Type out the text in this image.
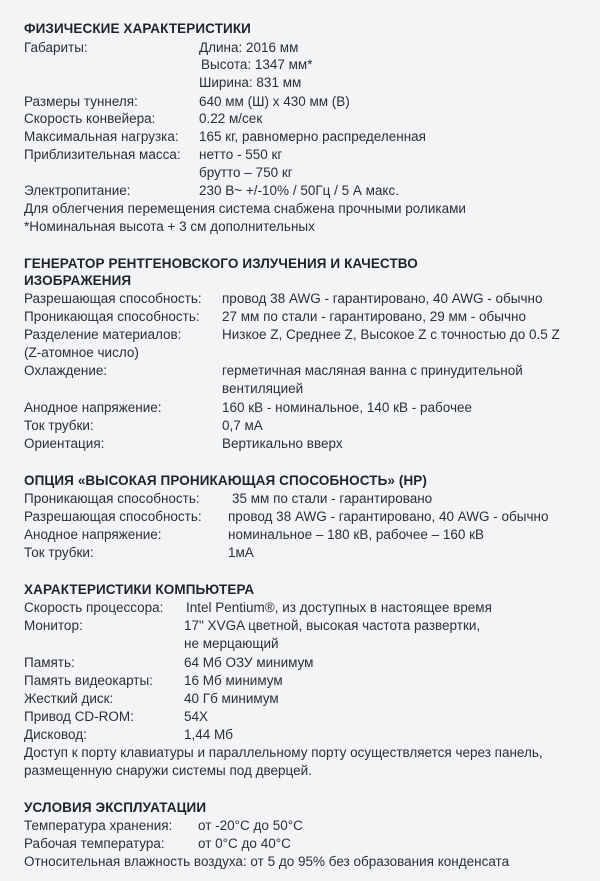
ФИЗИЧЕСКИЕ ХАРАКТЕРИСТИКИ
Габариты:	Длина: 2016 мм
Высота: 1347 мм*
Ширина: 831 мм
Размеры туннеля:	640 мм (Ш) х 430 мм (В)
Скорость конвейера:	0.22 м/сек
Максимальная нагрузка: 165 кг, равномерно распределенная
Приблизительная масса: нетто - 550 кг
брутто – 750 кг
Электропитание:	230 В~ +/-10% / 50Гц / 5 А макс.
Для облегчения перемещения система снабжена прочными роликами
*Номинальная высота + 3 см дополнительных
ГЕНЕРАТОР РЕНТГЕНОВСКОГО ИЗЛУЧЕНИЯ И КАЧЕСТВО
ИЗОБРАЖЕНИЯ
Разрешающая способность: провод 38 AWG - гарантировано, 40 AWG - обычно
Проникающая способность: 27 мм по стали - гарантировано, 29 мм - обычно
Разделение материалов:	Низкое Z, Среднее Z, Высокое Z с точностью до 0.5 Z
(Z-атомное число)
Охлаждение:	герметичная масляная ванна с принудительной
вентиляцией
Анодное напряжение:	160 кВ - номинальное, 140 кВ - рабочее
Ток трубки:	0,7 мА
Ориентация:	Вертикально вверх
ОПЦИЯ «ВЫСОКАЯ ПРОНИКАЮЩАЯ СПОСОБНОСТЬ» (HP)
Проникающая способность: 35 мм по стали - гарантировано
Разрешающая способность: провод 38 AWG - гарантировано, 40 AWG - обычно
Анодное напряжение:	номинальное – 180 кВ, рабочее – 160 кВ
Ток трубки:	1мА
ХАРАКТЕРИСТИКИ КОМПЬЮТЕРА
Скорость процессора: Intel Pentium®, из доступных в настоящее время
Монитор:	17" XVGA цветной, высокая частота развертки,
не мерцающий
Память:	64 Мб ОЗУ минимум
Память видеокарты: 16 Мб минимум
Жесткий диск:	40 Гб минимум
Привод CD-ROM:	54X
Дисковод:	1,44 Мб
Доступ к порту клавиатуры и параллельному порту осуществляется через панель,
размещенную снаружи системы под дверцей.
УСЛОВИЯ ЭКСПЛУАТАЦИИ
Температура хранения: от -20°С до 50°С
Рабочая температура: от 0°С до 40°С
Относительная влажность воздуха: от 5 до 95% без образования конденсата
